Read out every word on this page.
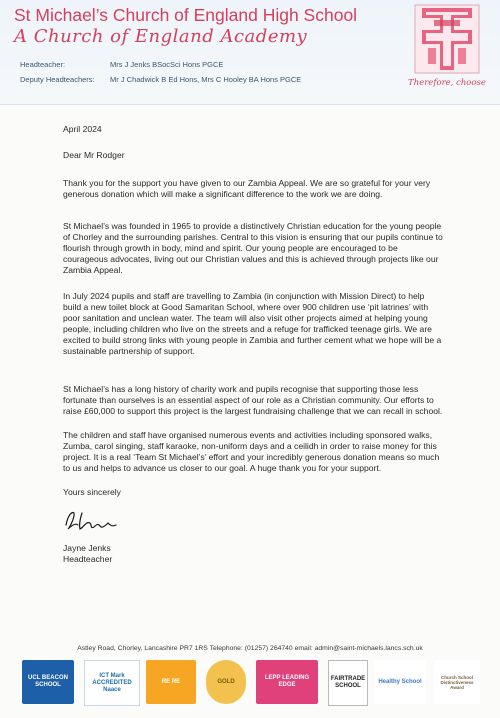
St Michael’s Church of England High School
A Church of England Academy
Headteacher:	Mrs J Jenks BSocSci Hons PGCE
Deputy Headteachers: Mr J Chadwick B Ed Hons, Mrs C Hooley BA Hons PGCE	Therefore, choose
April 2024
Dear Mr Rodger

Thank you for the support you have given to our Zambia Appeal. We are so grateful for your very generous donation which will make a significant difference to the work we are doing.

St Michael’s was founded in 1965 to provide a distinctively Christian education for the young people of Chorley and the surrounding parishes. Central to this vision is ensuring that our pupils continue to flourish through growth in body, mind and spirit. Our young people are encouraged to be courageous advocates, living out our Christian values and this is achieved through projects like our Zambia Appeal.

In July 2024 pupils and staff are travelling to Zambia (in conjunction with Mission Direct) to help build a new toilet block at Good Samaritan School, where over 900 children use ‘pit latrines’ with poor sanitation and unclean water. The team will also visit other projects aimed at helping young people, including children who live on the streets and a refuge for trafficked teenage girls. We are excited to build strong links with young people in Zambia and further cement what we hope will be a sustainable partnership of support.

St Michael’s has a long history of charity work and pupils recognise that supporting those less fortunate than ourselves is an essential aspect of our role as a Christian community. Our efforts to raise £60,000 to support this project is the largest fundraising challenge that we can recall in school.

The children and staff have organised numerous events and activities including sponsored walks, Zumba, carol singing, staff karaoke, non-uniform days and a ceilidh in order to raise money for this project. It is a real ‘Team St Michael’s’ effort and your incredibly generous donation means so much to us and helps to advance us closer to our goal. A huge thank you for your support.

Yours sincerely
Jayne Jenks
Headteacher
Astley Road, Chorley, Lancashire PR7 1RS Telephone: (01257) 264740 email: admin@saint-michaels.lancs.sch.uk
UCL BEACON SCHOOL
ICT Mark ACCREDITED Naace
RE RE	GOLD
LEPP LEADING EDGE
FAIRTRADE SCHOOL
Healthy School
Church School Distinctiveness Award
